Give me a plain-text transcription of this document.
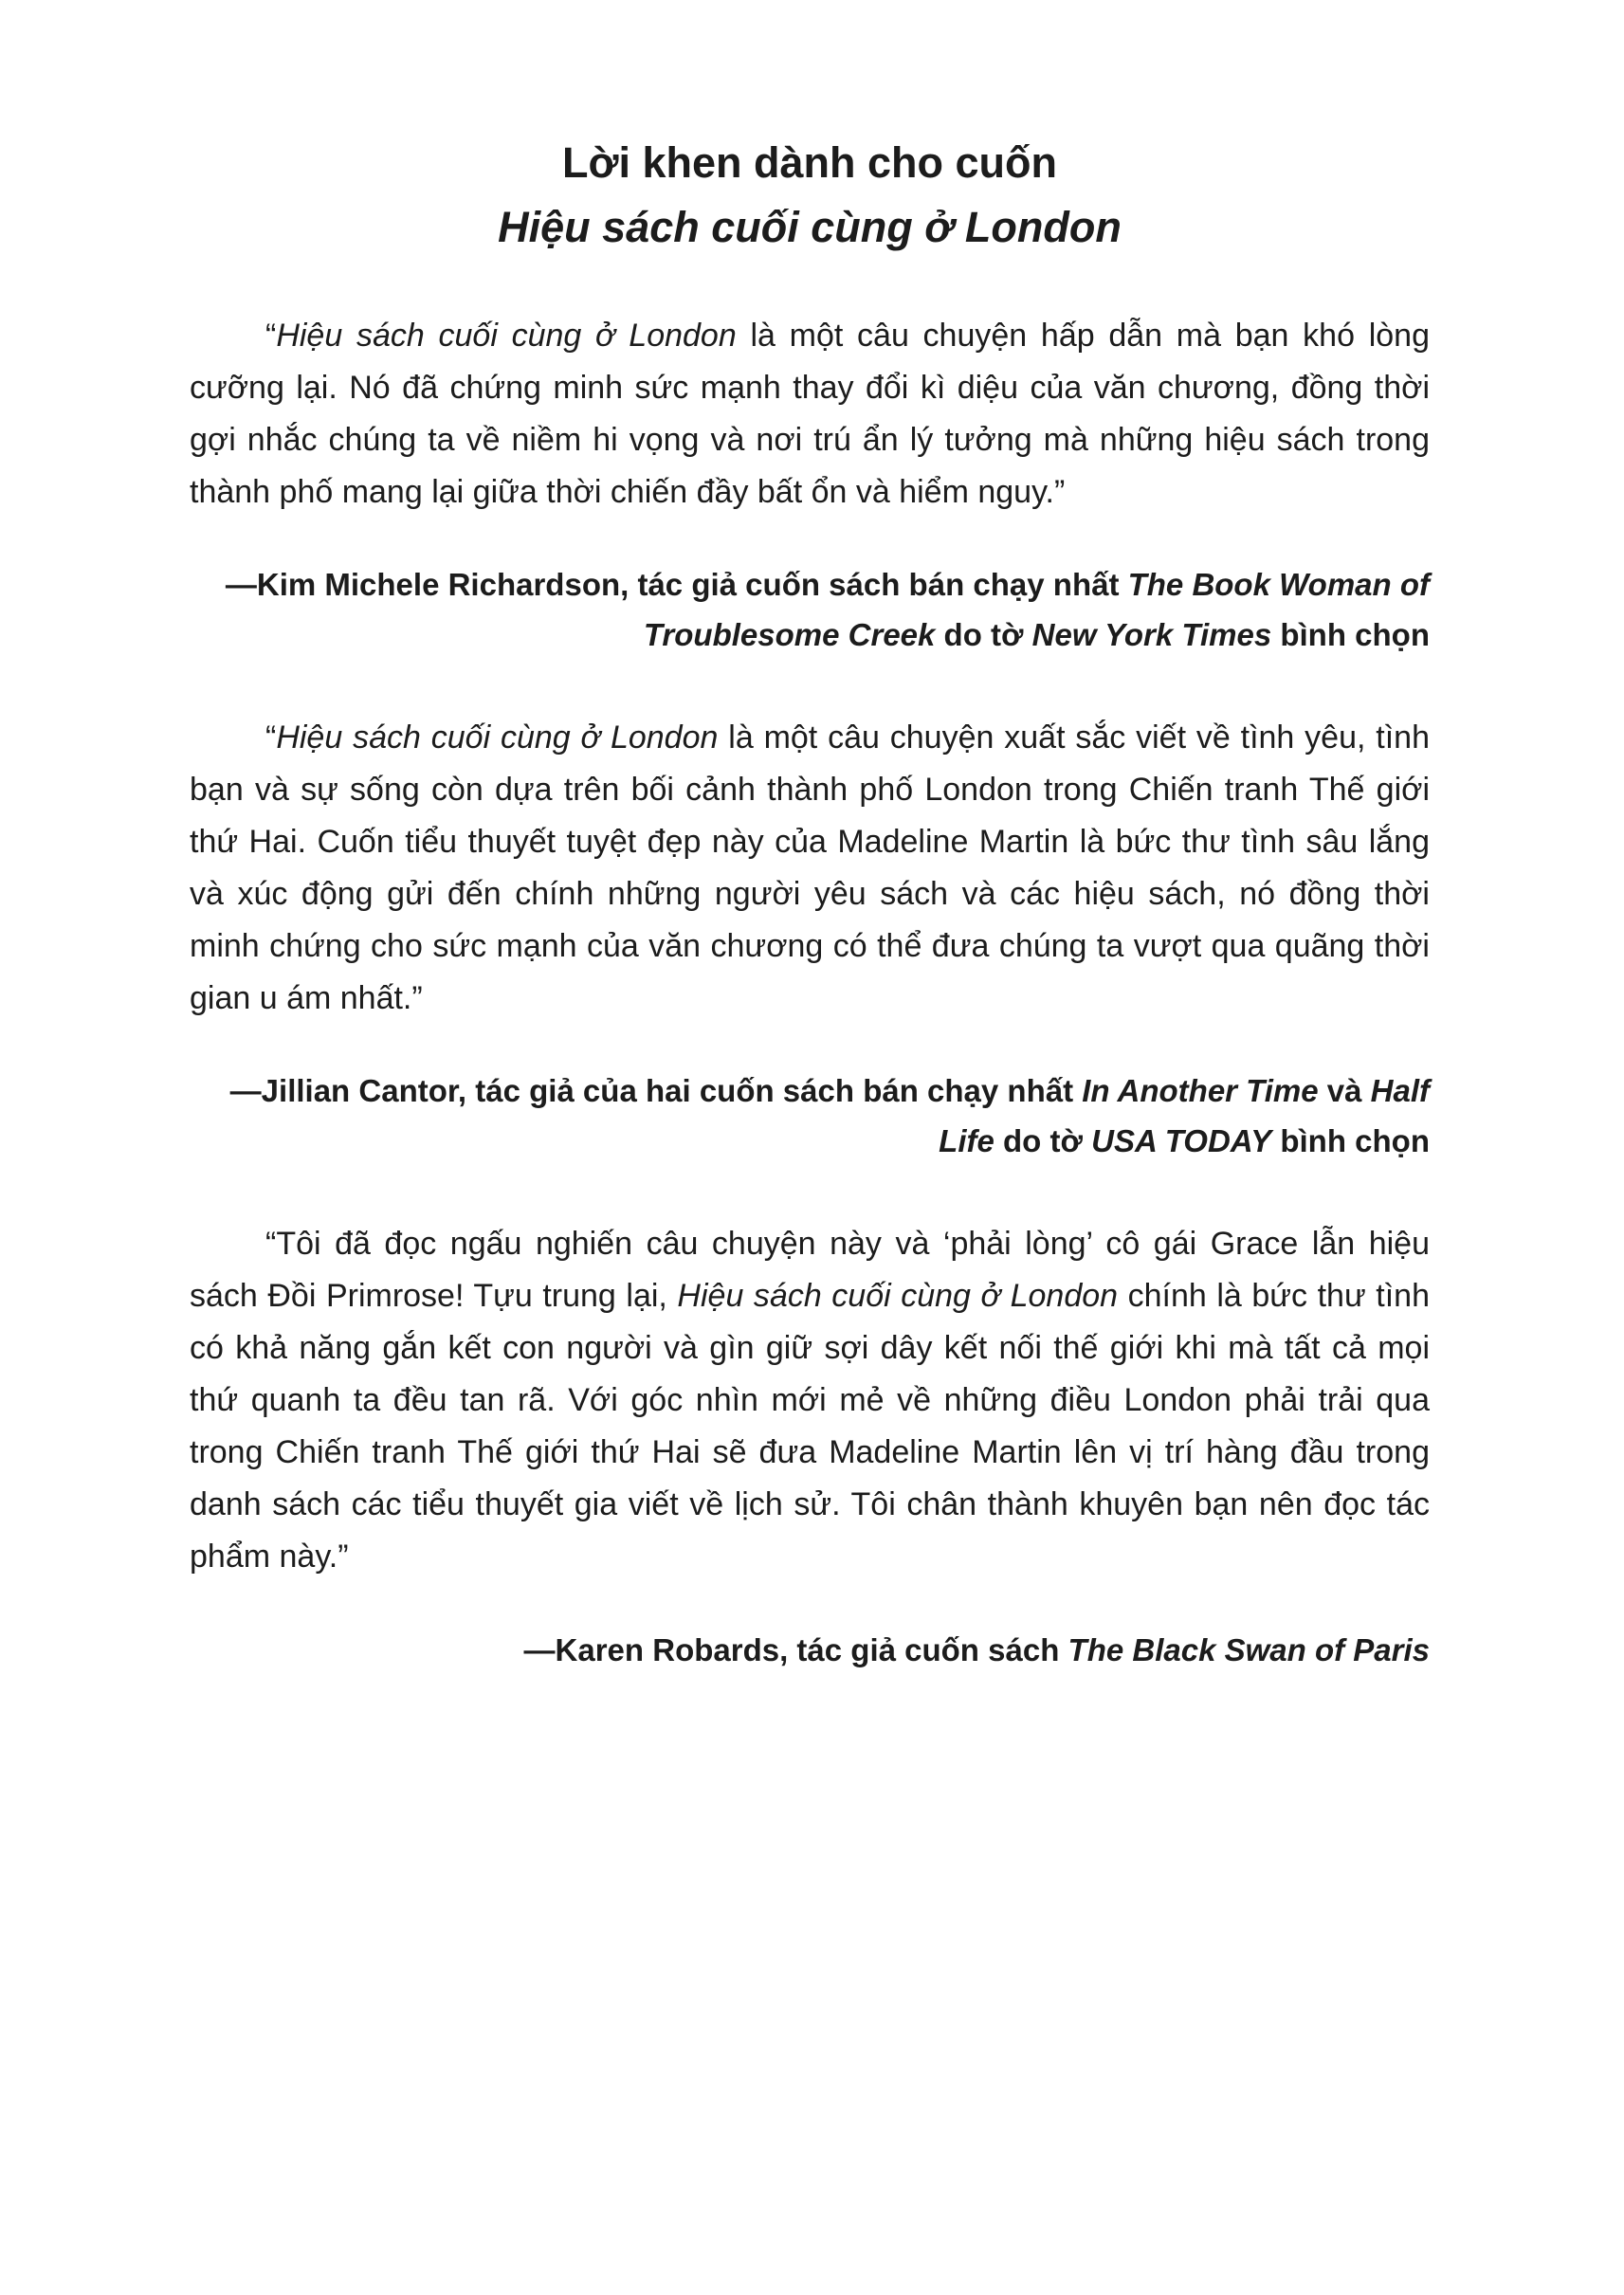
Lời khen dành cho cuốn
Hiệu sách cuối cùng ở London

“Hiệu sách cuối cùng ở London là một câu chuyện hấp dẫn mà bạn khó lòng cưỡng lại. Nó đã chứng minh sức mạnh thay đổi kì diệu của văn chương, đồng thời gợi nhắc chúng ta về niềm hi vọng và nơi trú ẩn lý tưởng mà những hiệu sách trong thành phố mang lại giữa thời chiến đầy bất ổn và hiểm nguy.”

—Kim Michele Richardson, tác giả cuốn sách bán chạy nhất The Book Woman of Troublesome Creek do tờ New York Times bình chọn

“Hiệu sách cuối cùng ở London là một câu chuyện xuất sắc viết về tình yêu, tình bạn và sự sống còn dựa trên bối cảnh thành phố London trong Chiến tranh Thế giới thứ Hai. Cuốn tiểu thuyết tuyệt đẹp này của Madeline Martin là bức thư tình sâu lắng và xúc động gửi đến chính những người yêu sách và các hiệu sách, nó đồng thời minh chứng cho sức mạnh của văn chương có thể đưa chúng ta vượt qua quãng thời gian u ám nhất.”

—Jillian Cantor, tác giả của hai cuốn sách bán chạy nhất In Another Time và Half Life do tờ USA TODAY bình chọn

“Tôi đã đọc ngấu nghiến câu chuyện này và ‘phải lòng’ cô gái Grace lẫn hiệu sách Đồi Primrose! Tựu trung lại, Hiệu sách cuối cùng ở London chính là bức thư tình có khả năng gắn kết con người và gìn giữ sợi dây kết nối thế giới khi mà tất cả mọi thứ quanh ta đều tan rã. Với góc nhìn mới mẻ về những điều London phải trải qua trong Chiến tranh Thế giới thứ Hai sẽ đưa Madeline Martin lên vị trí hàng đầu trong danh sách các tiểu thuyết gia viết về lịch sử. Tôi chân thành khuyên bạn nên đọc tác phẩm này.”

—Karen Robards, tác giả cuốn sách The Black Swan of Paris
